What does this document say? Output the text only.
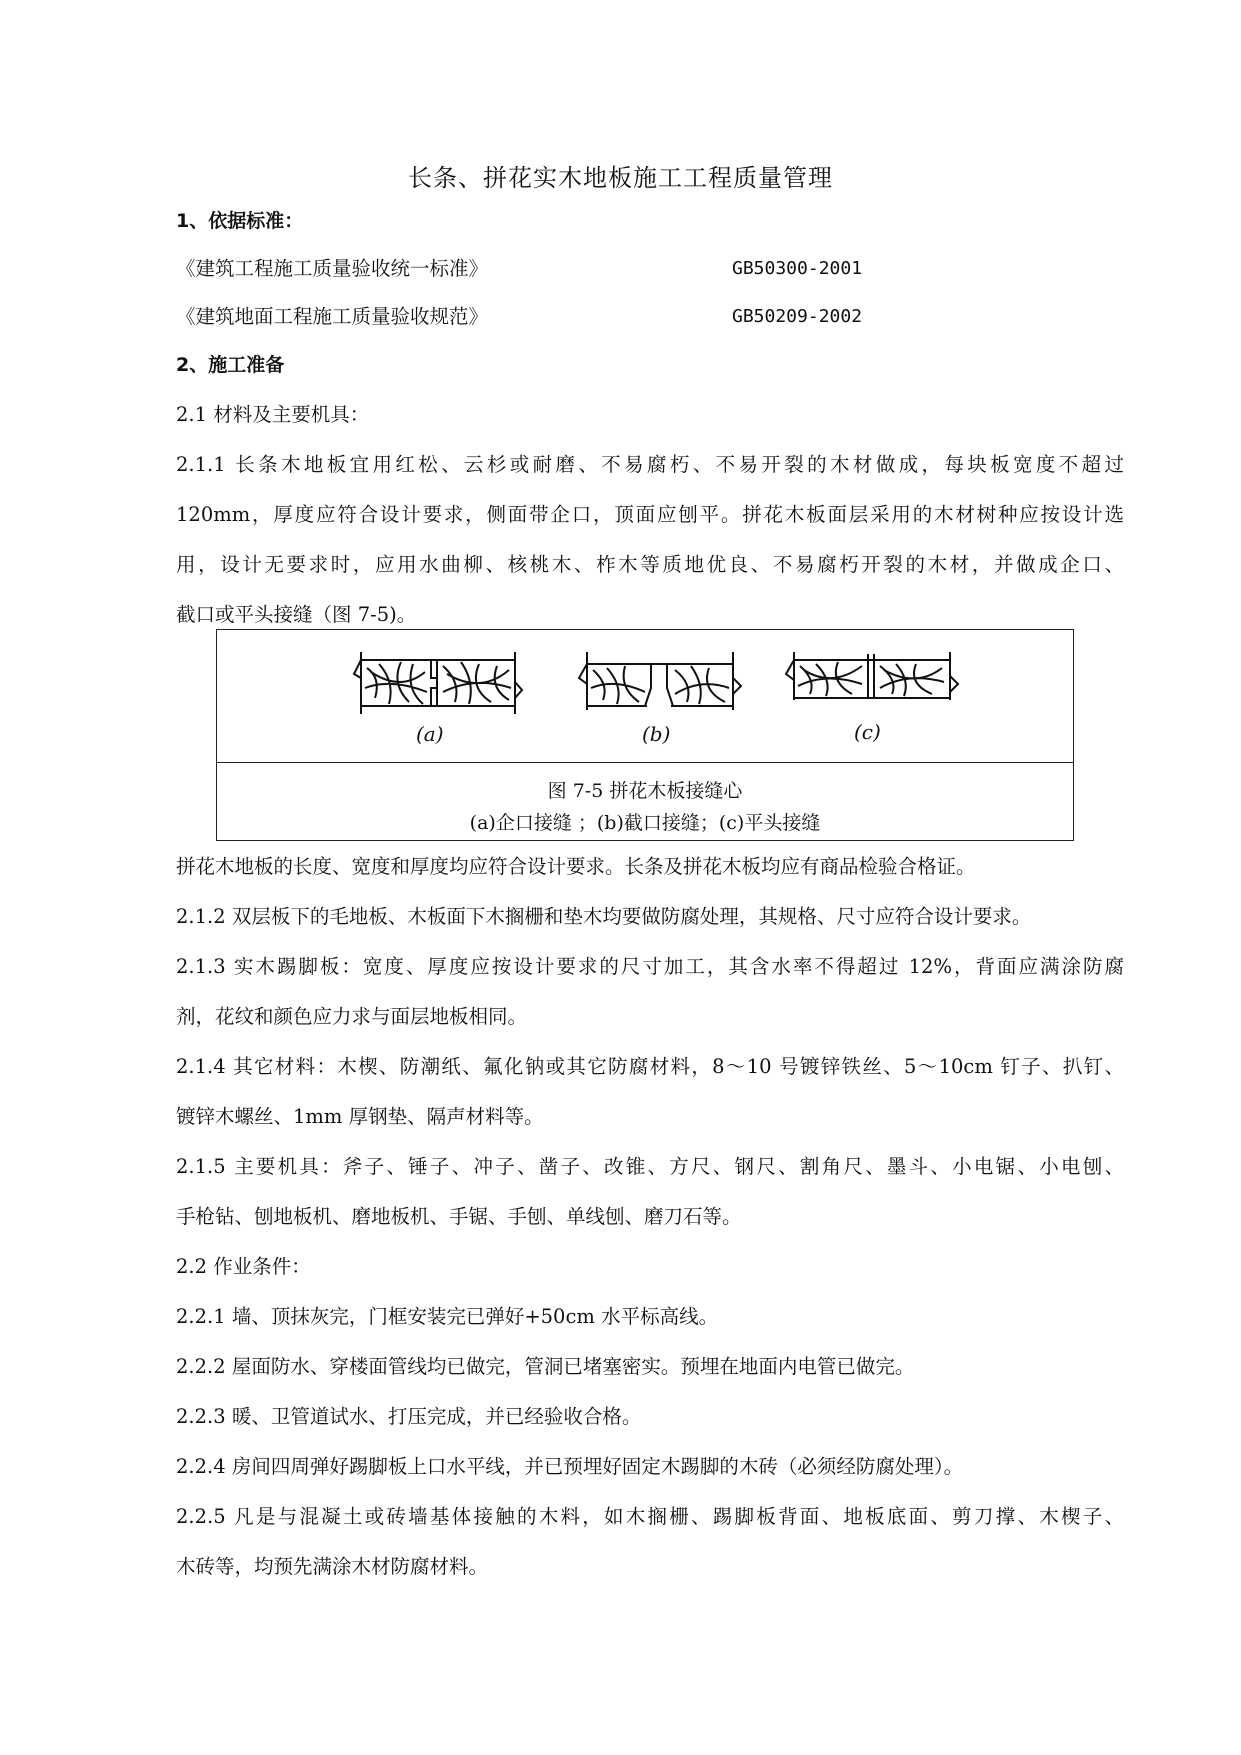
长条、拼花实木地板施工工程质量管理
1、依据标准：
《建筑工程施工质量验收统一标准》	GB50300-2001
《建筑地面工程施工质量验收规范》	GB50209-2002
2、施工准备
2.1 材料及主要机具：
2.1.1 长条木地板宜用红松、云杉或耐磨、不易腐朽、不易开裂的木材做成，每块板宽度不超过
120mm，厚度应符合设计要求，侧面带企口，顶面应刨平。拼花木板面层采用的木材树种应按设计选
用，设计无要求时，应用水曲柳、核桃木、柞木等质地优良、不易腐朽开裂的木材，并做成企口、
截口或平头接缝（图 7-5)。
(a)	(b)	(c)
图 7-5 拼花木板接缝心
(a)企口接缝 ；(b)截口接缝；(c)平头接缝
拼花木地板的长度、宽度和厚度均应符合设计要求。长条及拼花木板均应有商品检验合格证。
2.1.2 双层板下的毛地板、木板面下木搁栅和垫木均要做防腐处理，其规格、尺寸应符合设计要求。
2.1.3 实木踢脚板：宽度、厚度应按设计要求的尺寸加工，其含水率不得超过 12%，背面应满涂防腐
剂，花纹和颜色应力求与面层地板相同。
2.1.4 其它材料：木楔、防潮纸、氟化钠或其它防腐材料，8～10 号镀锌铁丝、5～10cm 钉子、扒钉、
镀锌木螺丝、1mm 厚钢垫、隔声材料等。
2.1.5 主要机具：斧子、锤子、冲子、凿子、改锥、方尺、钢尺、割角尺、墨斗、小电锯、小电刨、
手枪钻、刨地板机、磨地板机、手锯、手刨、单线刨、磨刀石等。
2.2 作业条件：
2.2.1 墙、顶抹灰完，门框安装完已弹好+50cm 水平标高线。
2.2.2 屋面防水、穿楼面管线均已做完，管洞已堵塞密实。预埋在地面内电管已做完。
2.2.3 暖、卫管道试水、打压完成，并已经验收合格。
2.2.4 房间四周弹好踢脚板上口水平线，并已预埋好固定木踢脚的木砖（必须经防腐处理）。
2.2.5 凡是与混凝土或砖墙基体接触的木料，如木搁栅、踢脚板背面、地板底面、剪刀撑、木楔子、
木砖等，均预先满涂木材防腐材料。
